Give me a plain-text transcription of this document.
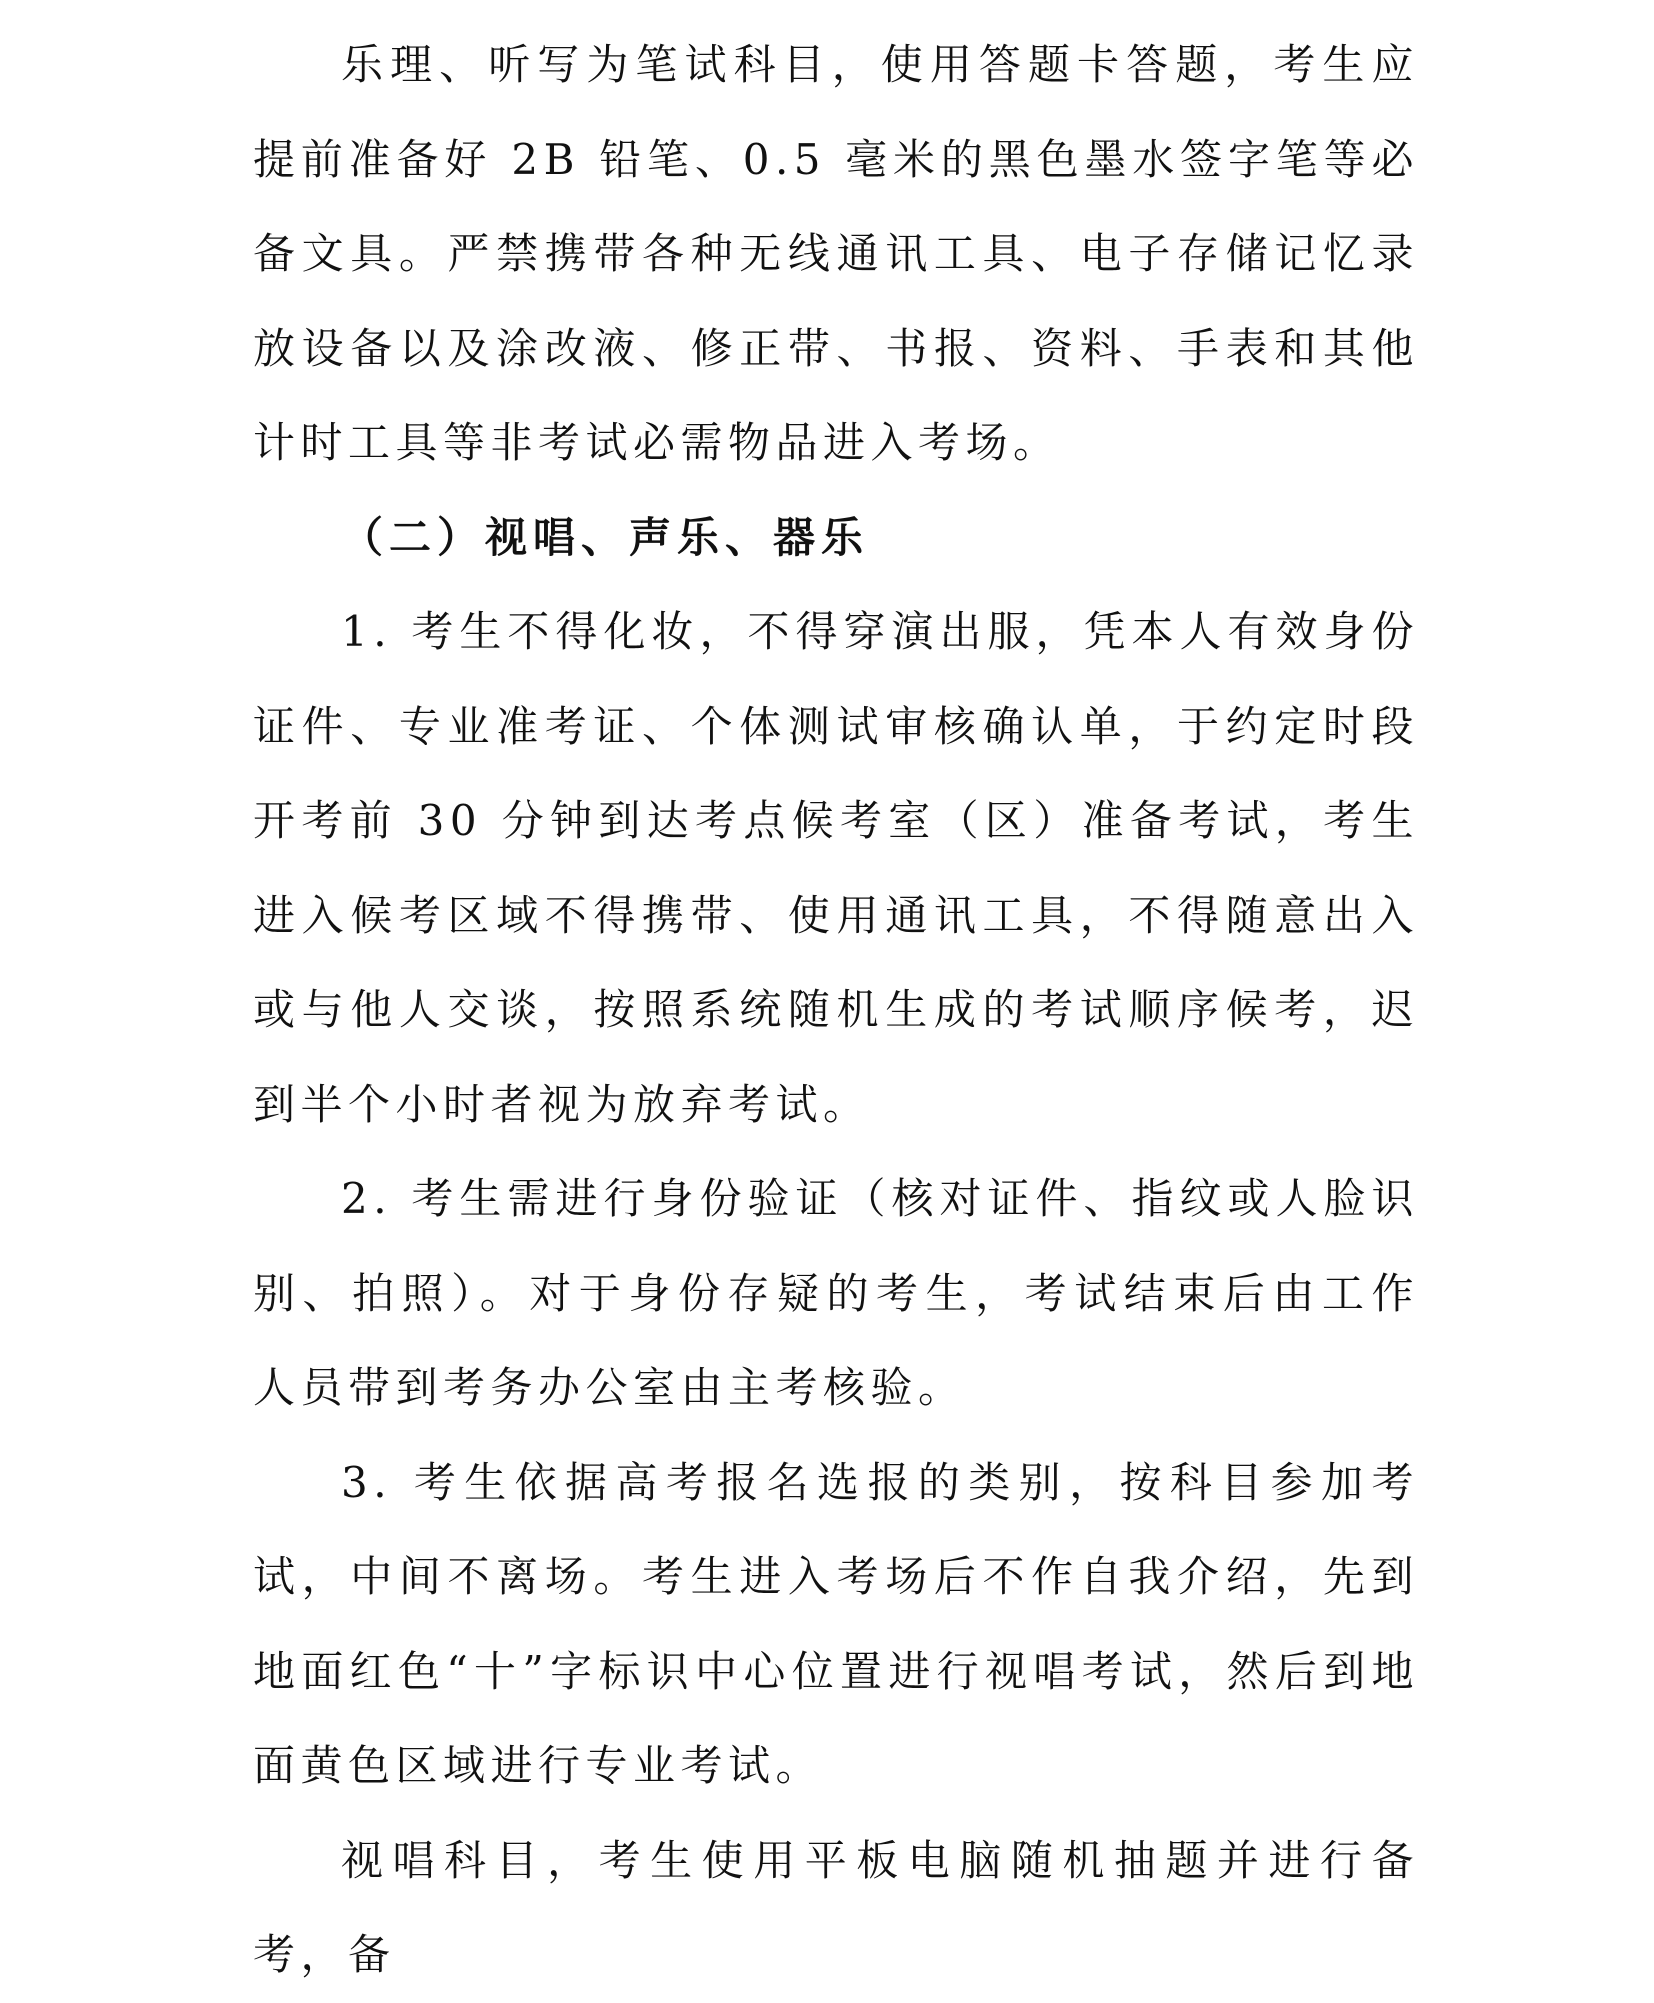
乐理、听写为笔试科目，使用答题卡答题，考生应提前准备好 2B 铅笔、0.5 毫米的黑色墨水签字笔等必备文具。严禁携带各种无线通讯工具、电子存储记忆录放设备以及涂改液、修正带、书报、资料、手表和其他计时工具等非考试必需物品进入考场。

（二）视唱、声乐、器乐

1. 考生不得化妆，不得穿演出服，凭本人有效身份证件、专业准考证、个体测试审核确认单，于约定时段开考前 30 分钟到达考点候考室（区）准备考试，考生进入候考区域不得携带、使用通讯工具，不得随意出入或与他人交谈，按照系统随机生成的考试顺序候考，迟到半个小时者视为放弃考试。

2. 考生需进行身份验证（核对证件、指纹或人脸识别、拍照）。对于身份存疑的考生，考试结束后由工作人员带到考务办公室由主考核验。

3. 考生依据高考报名选报的类别，按科目参加考试，中间不离场。考生进入考场后不作自我介绍，先到地面红色“十”字标识中心位置进行视唱考试，然后到地面黄色区域进行专业考试。

视唱科目，考生使用平板电脑随机抽题并进行备考，备
